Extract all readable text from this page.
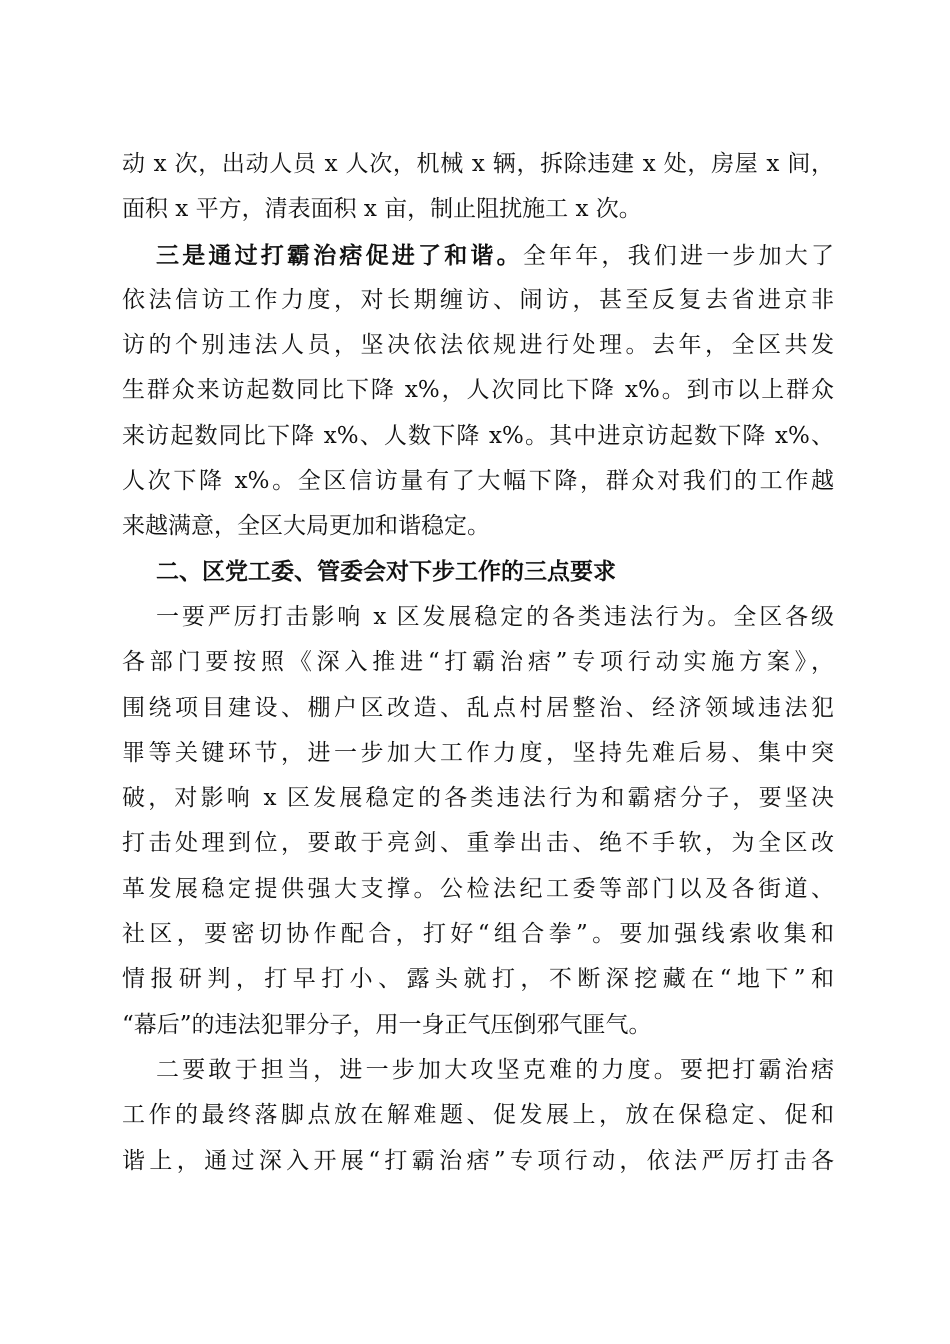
动 x 次，出动人员 x 人次，机械 x 辆，拆除违建 x 处，房屋 x 间，
面积 x 平方，清表面积 x 亩，制止阻扰施工 x 次。
三是通过打霸治痞促进了和谐。全年年，我们进一步加大了
依法信访工作力度，对长期缠访、闹访，甚至反复去省进京非
访的个别违法人员，坚决依法依规进行处理。去年，全区共发
生群众来访起数同比下降 x%，人次同比下降 x%。到市以上群众
来访起数同比下降 x%、人数下降 x%。其中进京访起数下降 x%、
人次下降 x%。全区信访量有了大幅下降，群众对我们的工作越
来越满意，全区大局更加和谐稳定。
二、区党工委、管委会对下步工作的三点要求
一要严厉打击影响 x 区发展稳定的各类违法行为。全区各级
各部门要按照《深入推进“打霸治痞”专项行动实施方案》，
围绕项目建设、棚户区改造、乱点村居整治、经济领域违法犯
罪等关键环节，进一步加大工作力度，坚持先难后易、集中突
破，对影响 x 区发展稳定的各类违法行为和霸痞分子，要坚决
打击处理到位，要敢于亮剑、重拳出击、绝不手软，为全区改
革发展稳定提供强大支撑。公检法纪工委等部门以及各街道、
社区，要密切协作配合，打好“组合拳”。要加强线索收集和
情报研判，打早打小、露头就打，不断深挖藏在“地下”和
“幕后”的违法犯罪分子，用一身正气压倒邪气匪气。
二要敢于担当，进一步加大攻坚克难的力度。要把打霸治痞
工作的最终落脚点放在解难题、促发展上，放在保稳定、促和
谐上，通过深入开展“打霸治痞”专项行动，依法严厉打击各
